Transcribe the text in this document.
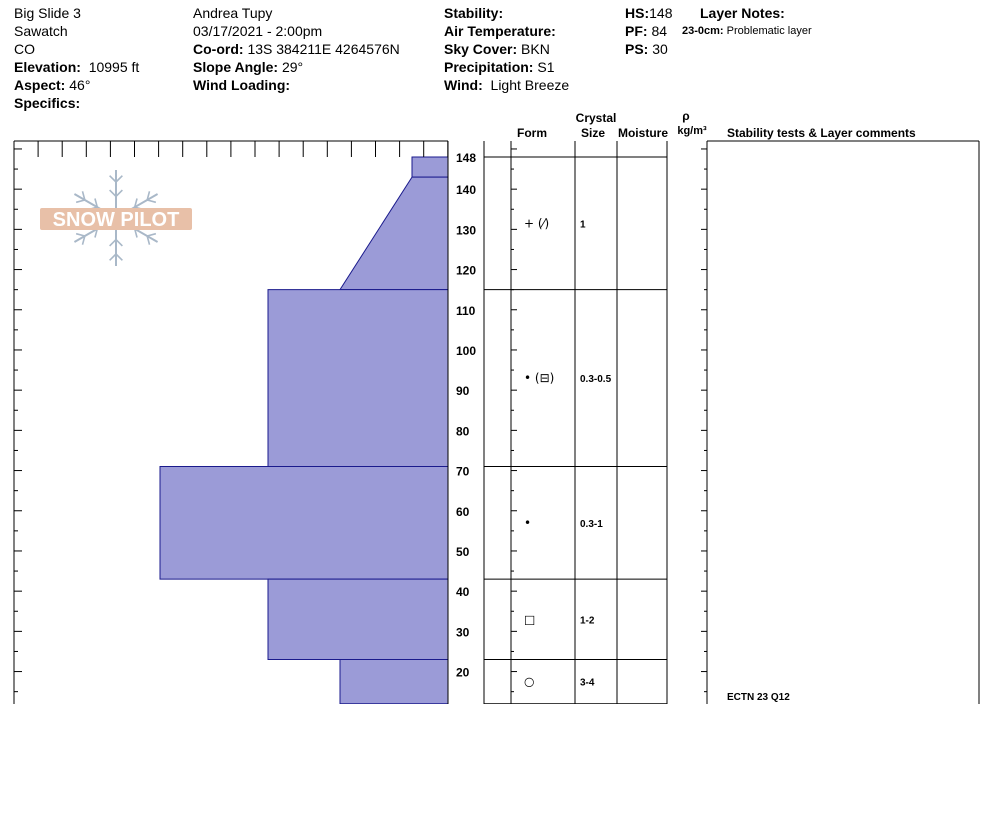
Big Slide 3
Sawatch
CO
Elevation: 10995 ft
Aspect: 46°
Specifics:
Andrea Tupy
03/17/2021 - 2:00pm
Co-ord: 13S 384211E 4264576N
Slope Angle: 29°
Wind Loading:
Stability:
Air Temperature:
Sky Cover: BKN
Precipitation: S1
Wind: Light Breeze
HS:148
PF: 84
PS: 30
Layer Notes:
23-0cm: Problematic layer
148
140
130
120
110
100
90
80
70
60
50
40
30
20
SNOW PILOT
Crystal
Form	Size Moisture
ρ
kg/m³ Stability tests & Layer comments
+ (⁄)	1
• (⊟)	0.3-0.5
•	0.3-1
□	1-2
○	3-4
ECTN 23 Q12
